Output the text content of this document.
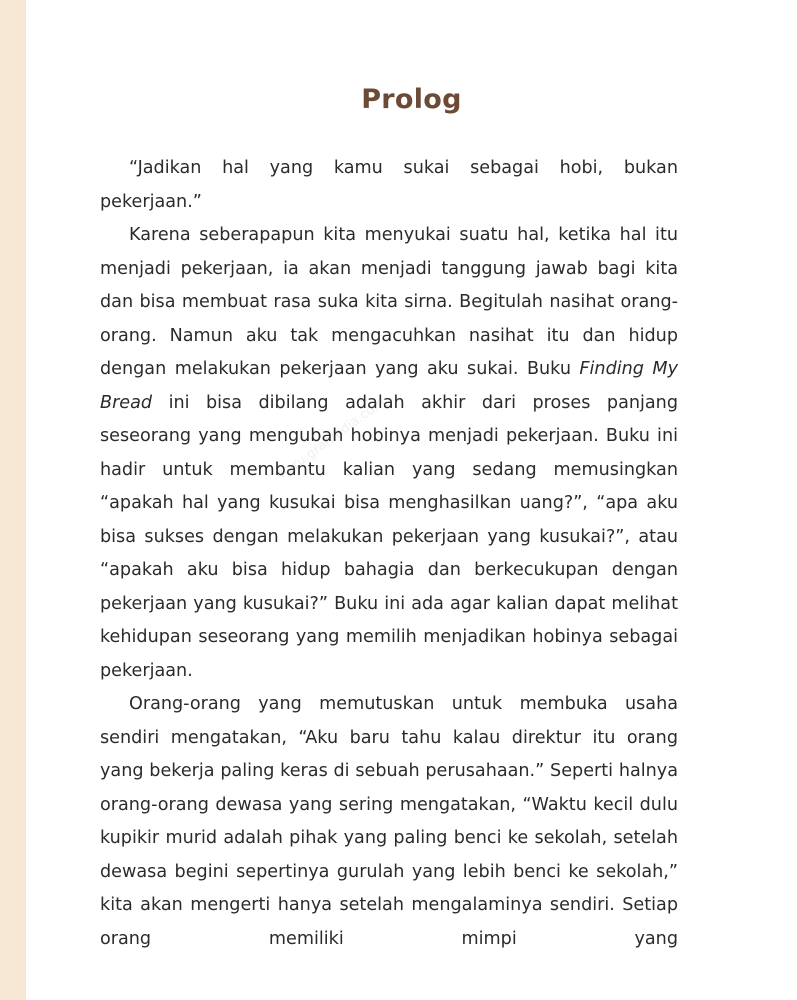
Prolog

“Jadikan hal yang kamu sukai sebagai hobi, bukan pekerjaan.”

Karena seberapapun kita menyukai suatu hal, ketika hal itu menjadi pekerjaan, ia akan menjadi tanggung jawab bagi kita dan bisa membuat rasa suka kita sirna. Begitulah nasihat orang-orang. Namun aku tak mengacuhkan nasihat itu dan hidup dengan melakukan pekerjaan yang aku sukai. Buku Finding My Bread ini bisa dibilang adalah akhir dari proses panjang seseorang yang mengubah hobinya menjadi pekerjaan. Buku ini hadir untuk membantu kalian yang sedang memusingkan “apakah hal yang kusukai bisa menghasilkan uang?”, “apa aku bisa sukses dengan melakukan pekerjaan yang kusukai?”, atau “apakah aku bisa hidup bahagia dan berkecukupan dengan pekerjaan yang kusukai?” Buku ini ada agar kalian dapat melihat kehidupan seseorang yang memilih menjadikan hobinya sebagai pekerjaan.

Orang-orang yang memutuskan untuk membuka usaha sendiri mengatakan, “Aku baru tahu kalau direktur itu orang yang bekerja paling keras di sebuah perusahaan.” Seperti halnya orang-orang dewasa yang sering mengatakan, “Waktu kecil dulu kupikir murid adalah pihak yang paling benci ke sekolah, setelah dewasa begini sepertinya gurulah yang lebih benci ke sekolah,” kita akan mengerti hanya setelah mengalaminya sendiri. Setiap orang memiliki mimpi yang

haru.gramedia.com
